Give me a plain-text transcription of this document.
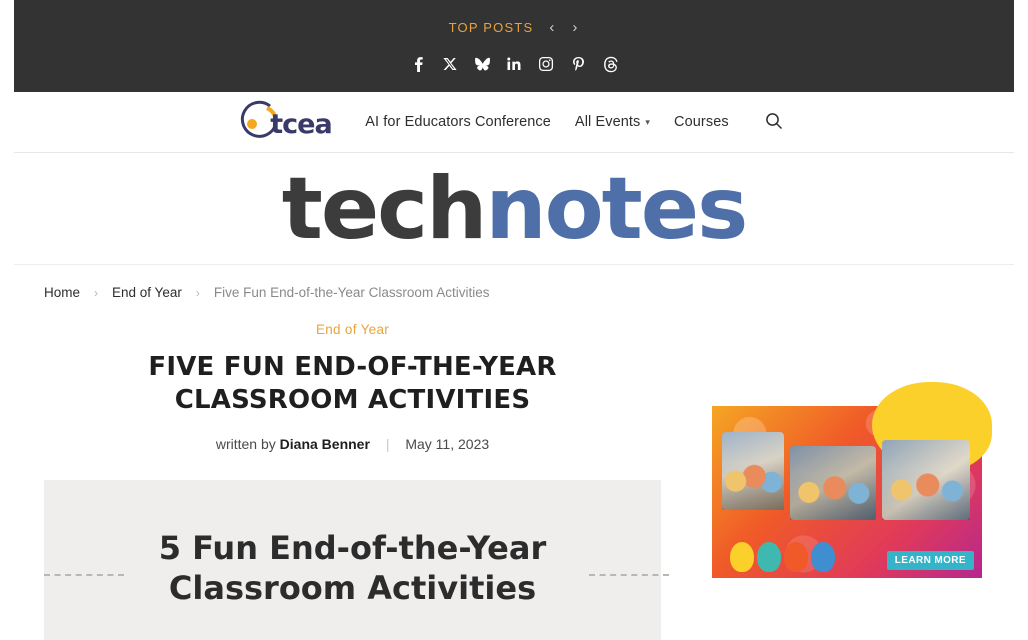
TOP POSTS ‹ ›
tcea	AI for Educators Conference	All Events ▾	Courses
technotes
Home	›	End of Year	›	Five Fun End-of-the-Year Classroom Activities
End of Year
FIVE FUN END-OF-THE-YEAR CLASSROOM ACTIVITIES
written by Diana Benner | May 11, 2023
5 Fun End-of-the-Year
Classroom Activities
LEARN MORE
